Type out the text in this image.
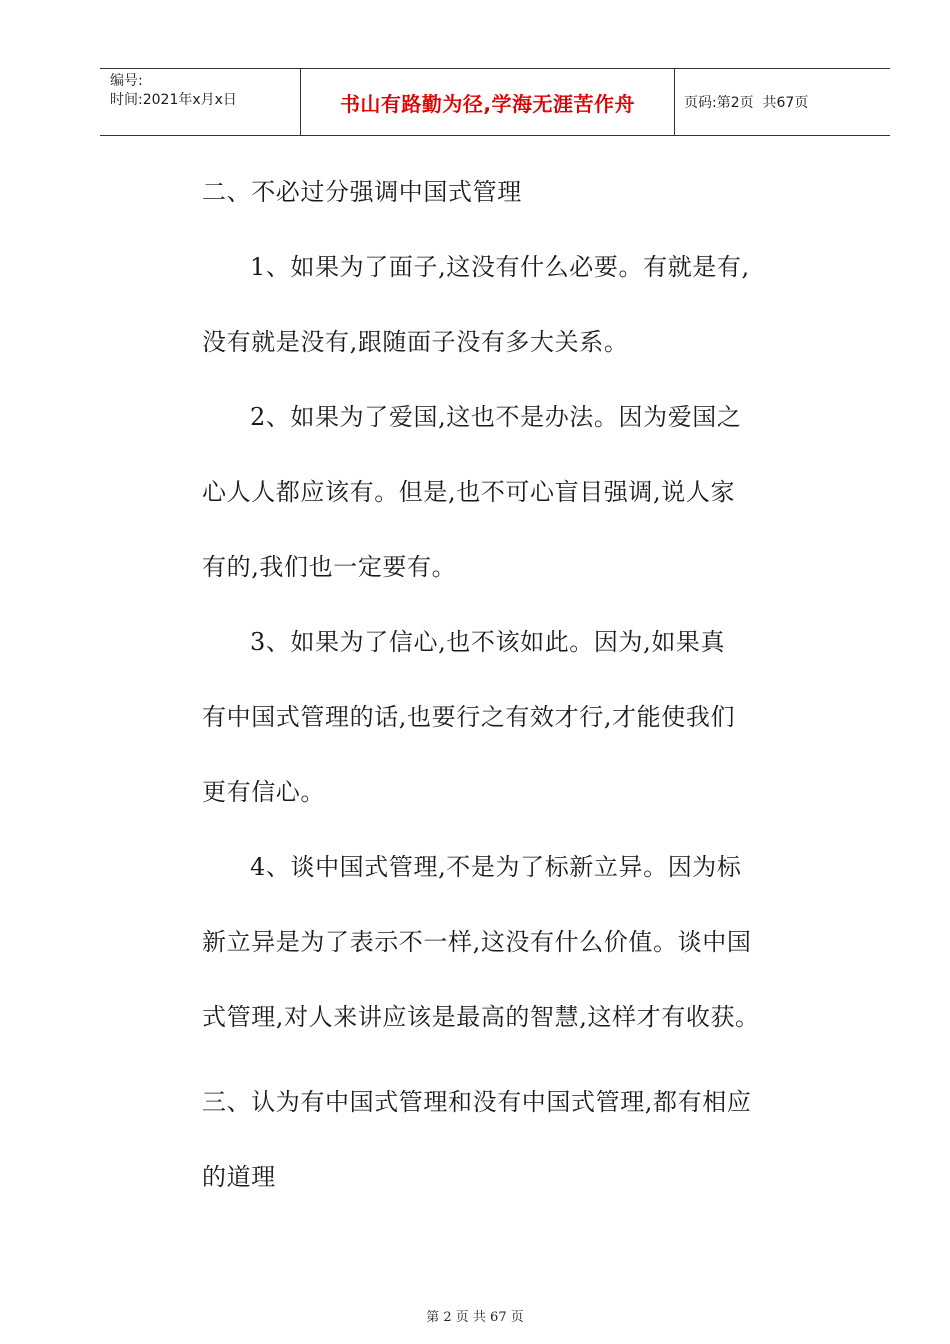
编号:
时间:2021年x月x日	书山有路勤为径,学海无涯苦作舟	页码:第2页  共67页
二、不必过分强调中国式管理
1、如果为了面子,这没有什么必要。有就是有,
没有就是没有,跟随面子没有多大关系。
2、如果为了爱国,这也不是办法。因为爱国之
心人人都应该有。但是,也不可心盲目强调,说人家
有的,我们也一定要有。
3、如果为了信心,也不该如此。因为,如果真
有中国式管理的话,也要行之有效才行,才能使我们
更有信心。
4、谈中国式管理,不是为了标新立异。因为标
新立异是为了表示不一样,这没有什么价值。谈中国
式管理,对人来讲应该是最高的智慧,这样才有收获。
三、认为有中国式管理和没有中国式管理,都有相应
的道理
第 2 页 共 67 页
